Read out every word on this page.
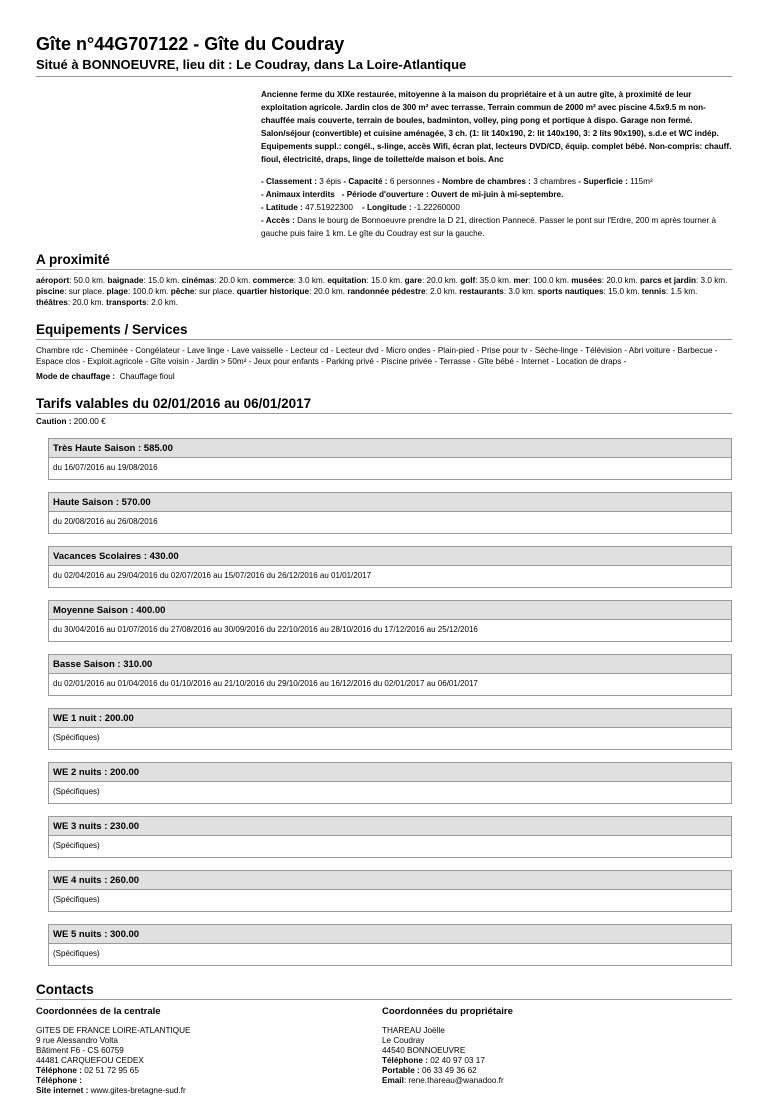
Gîte n°44G707122 - Gîte du Coudray
Situé à BONNOEUVRE, lieu dit : Le Coudray, dans La Loire-Atlantique
Ancienne ferme du XIXe restaurée, mitoyenne à la maison du propriétaire et à un autre gîte, à proximité de leur exploitation agricole. Jardin clos de 300 m² avec terrasse. Terrain commun de 2000 m² avec piscine 4.5x9.5 m non-chauffée mais couverte, terrain de boules, badminton, volley, ping pong et portique à dispo. Garage non fermé. Salon/séjour (convertible) et cuisine aménagée, 3 ch. (1: lit 140x190, 2: lit 140x190, 3: 2 lits 90x190), s.d.e et WC indép. Equipements suppl.: congél., s-linge, accès Wifi, écran plat, lecteurs DVD/CD, équip. complet bébé. Non-compris: chauff. fioul, électricité, draps, linge de toilette/de maison et bois. Anc
- Classement : 3 épis - Capacité : 6 personnes - Nombre de chambres : 3 chambres - Superficie : 115m²
- Animaux interdits - Période d'ouverture : Ouvert de mi-juin à mi-septembre.
- Latitude : 47.51922300 - Longitude : -1.22260000
- Accès : Dans le bourg de Bonnoeuvre prendre la D 21, direction Pannecé. Passer le pont sur l'Erdre, 200 m après tourner à gauche puis faire 1 km. Le gîte du Coudray est sur la gauche.
A proximité
aéroport: 50.0 km. baignade: 15.0 km. cinémas: 20.0 km. commerce: 3.0 km. equitation: 15.0 km. gare: 20.0 km. golf: 35.0 km. mer: 100.0 km. musées: 20.0 km. parcs et jardin: 3.0 km. piscine: sur place. plage: 100.0 km. pêche: sur place. quartier historique: 20.0 km. randonnée pédestre: 2.0 km. restaurants: 3.0 km. sports nautiques: 15.0 km. tennis: 1.5 km. théâtres: 20.0 km. transports: 2.0 km.
Equipements / Services
Chambre rdc - Cheminée - Congélateur - Lave linge - Lave vaisselle - Lecteur cd - Lecteur dvd - Micro ondes - Plain-pied - Prise pour tv - Sèche-linge - Télévision - Abri voiture - Barbecue - Espace clos - Exploit.agricole - Gîte voisin - Jardin > 50m² - Jeux pour enfants - Parking privé - Piscine privée - Terrasse - Gîte bébé - Internet - Location de draps -
Mode de chauffage : Chauffage fioul
Tarifs valables du 02/01/2016 au 06/01/2017
Caution : 200.00 €
Très Haute Saison : 585.00
du 16/07/2016 au 19/08/2016
Haute Saison : 570.00
du 20/08/2016 au 26/08/2016
Vacances Scolaires : 430.00
du 02/04/2016 au 29/04/2016 du 02/07/2016 au 15/07/2016 du 26/12/2016 au 01/01/2017
Moyenne Saison : 400.00
du 30/04/2016 au 01/07/2016 du 27/08/2016 au 30/09/2016 du 22/10/2016 au 28/10/2016 du 17/12/2016 au 25/12/2016
Basse Saison : 310.00
du 02/01/2016 au 01/04/2016 du 01/10/2016 au 21/10/2016 du 29/10/2016 au 16/12/2016 du 02/01/2017 au 06/01/2017
WE 1 nuit : 200.00
(Spécifiques)
WE 2 nuits : 200.00
(Spécifiques)
WE 3 nuits : 230.00
(Spécifiques)
WE 4 nuits : 260.00
(Spécifiques)
WE 5 nuits : 300.00
(Spécifiques)
Contacts
Coordonnées de la centrale
GITES DE FRANCE LOIRE-ATLANTIQUE
9 rue Alessandro Volta
Bâtiment F6 - CS 60759
44481 CARQUEFOU CEDEX
Téléphone : 02 51 72 95 65
Téléphone :
Site internet : www.gites-bretagne-sud.fr
Coordonnées du propriétaire
THAREAU Joëlle
Le Coudray
44540 BONNOEUVRE
Téléphone : 02 40 97 03 17
Portable : 06 33 49 36 62
Email: rene.thareau@wanadoo.fr
